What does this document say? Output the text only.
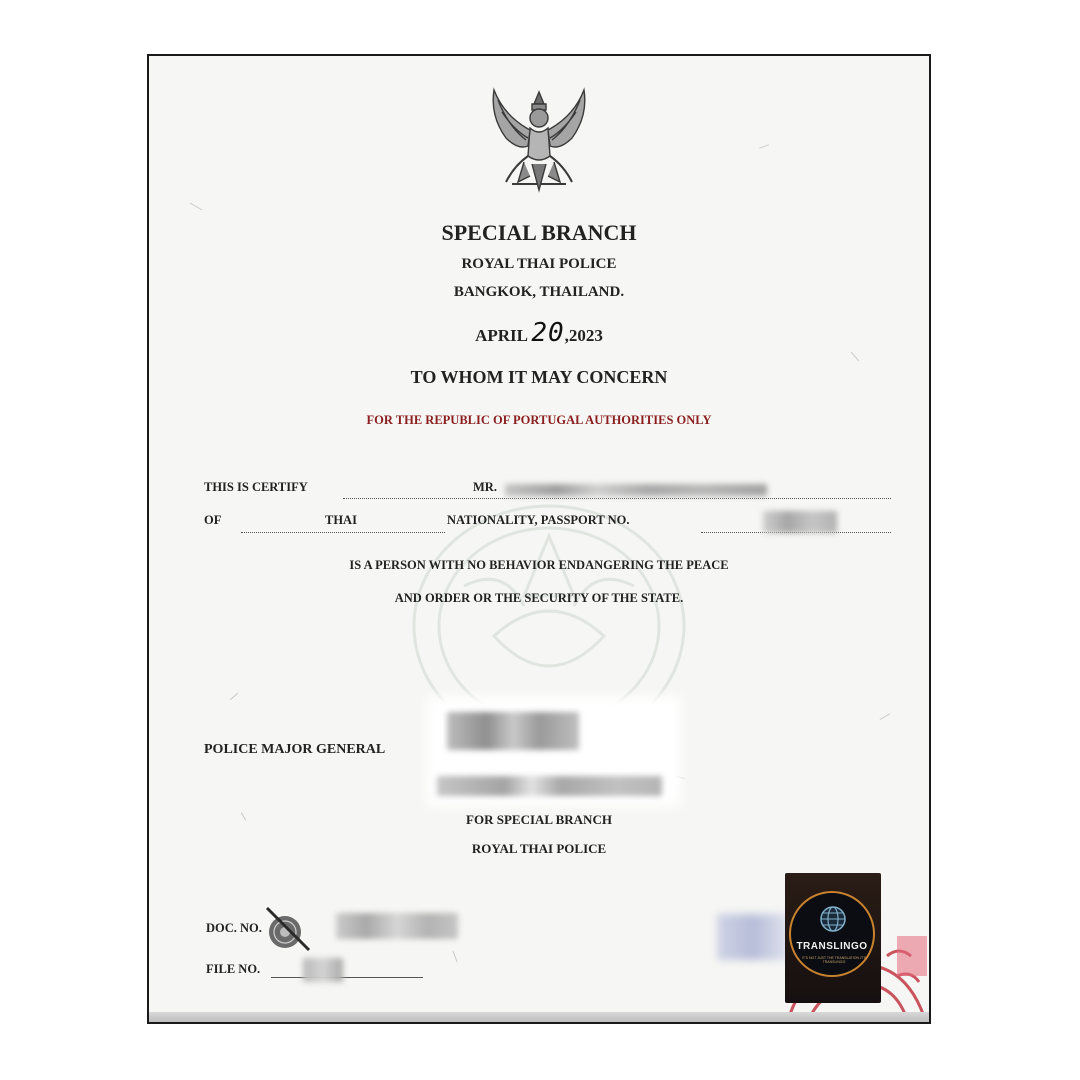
SPECIAL BRANCH
ROYAL THAI POLICE
BANGKOK, THAILAND.
APRIL 20,2023
TO WHOM IT MAY CONCERN
FOR THE REPUBLIC OF PORTUGAL AUTHORITIES ONLY
THIS IS CERTIFY	MR.
OF	THAI	NATIONALITY, PASSPORT NO.
IS A PERSON WITH NO BEHAVIOR ENDANGERING THE PEACE
AND ORDER OR THE SECURITY OF THE STATE.
POLICE MAJOR GENERAL
FOR SPECIAL BRANCH
ROYAL THAI POLICE
DOC. NO.
FILE NO.
TRANSLINGO
IT'S NOT JUST THE TRANSLATION IT'S TRANSLINGO
